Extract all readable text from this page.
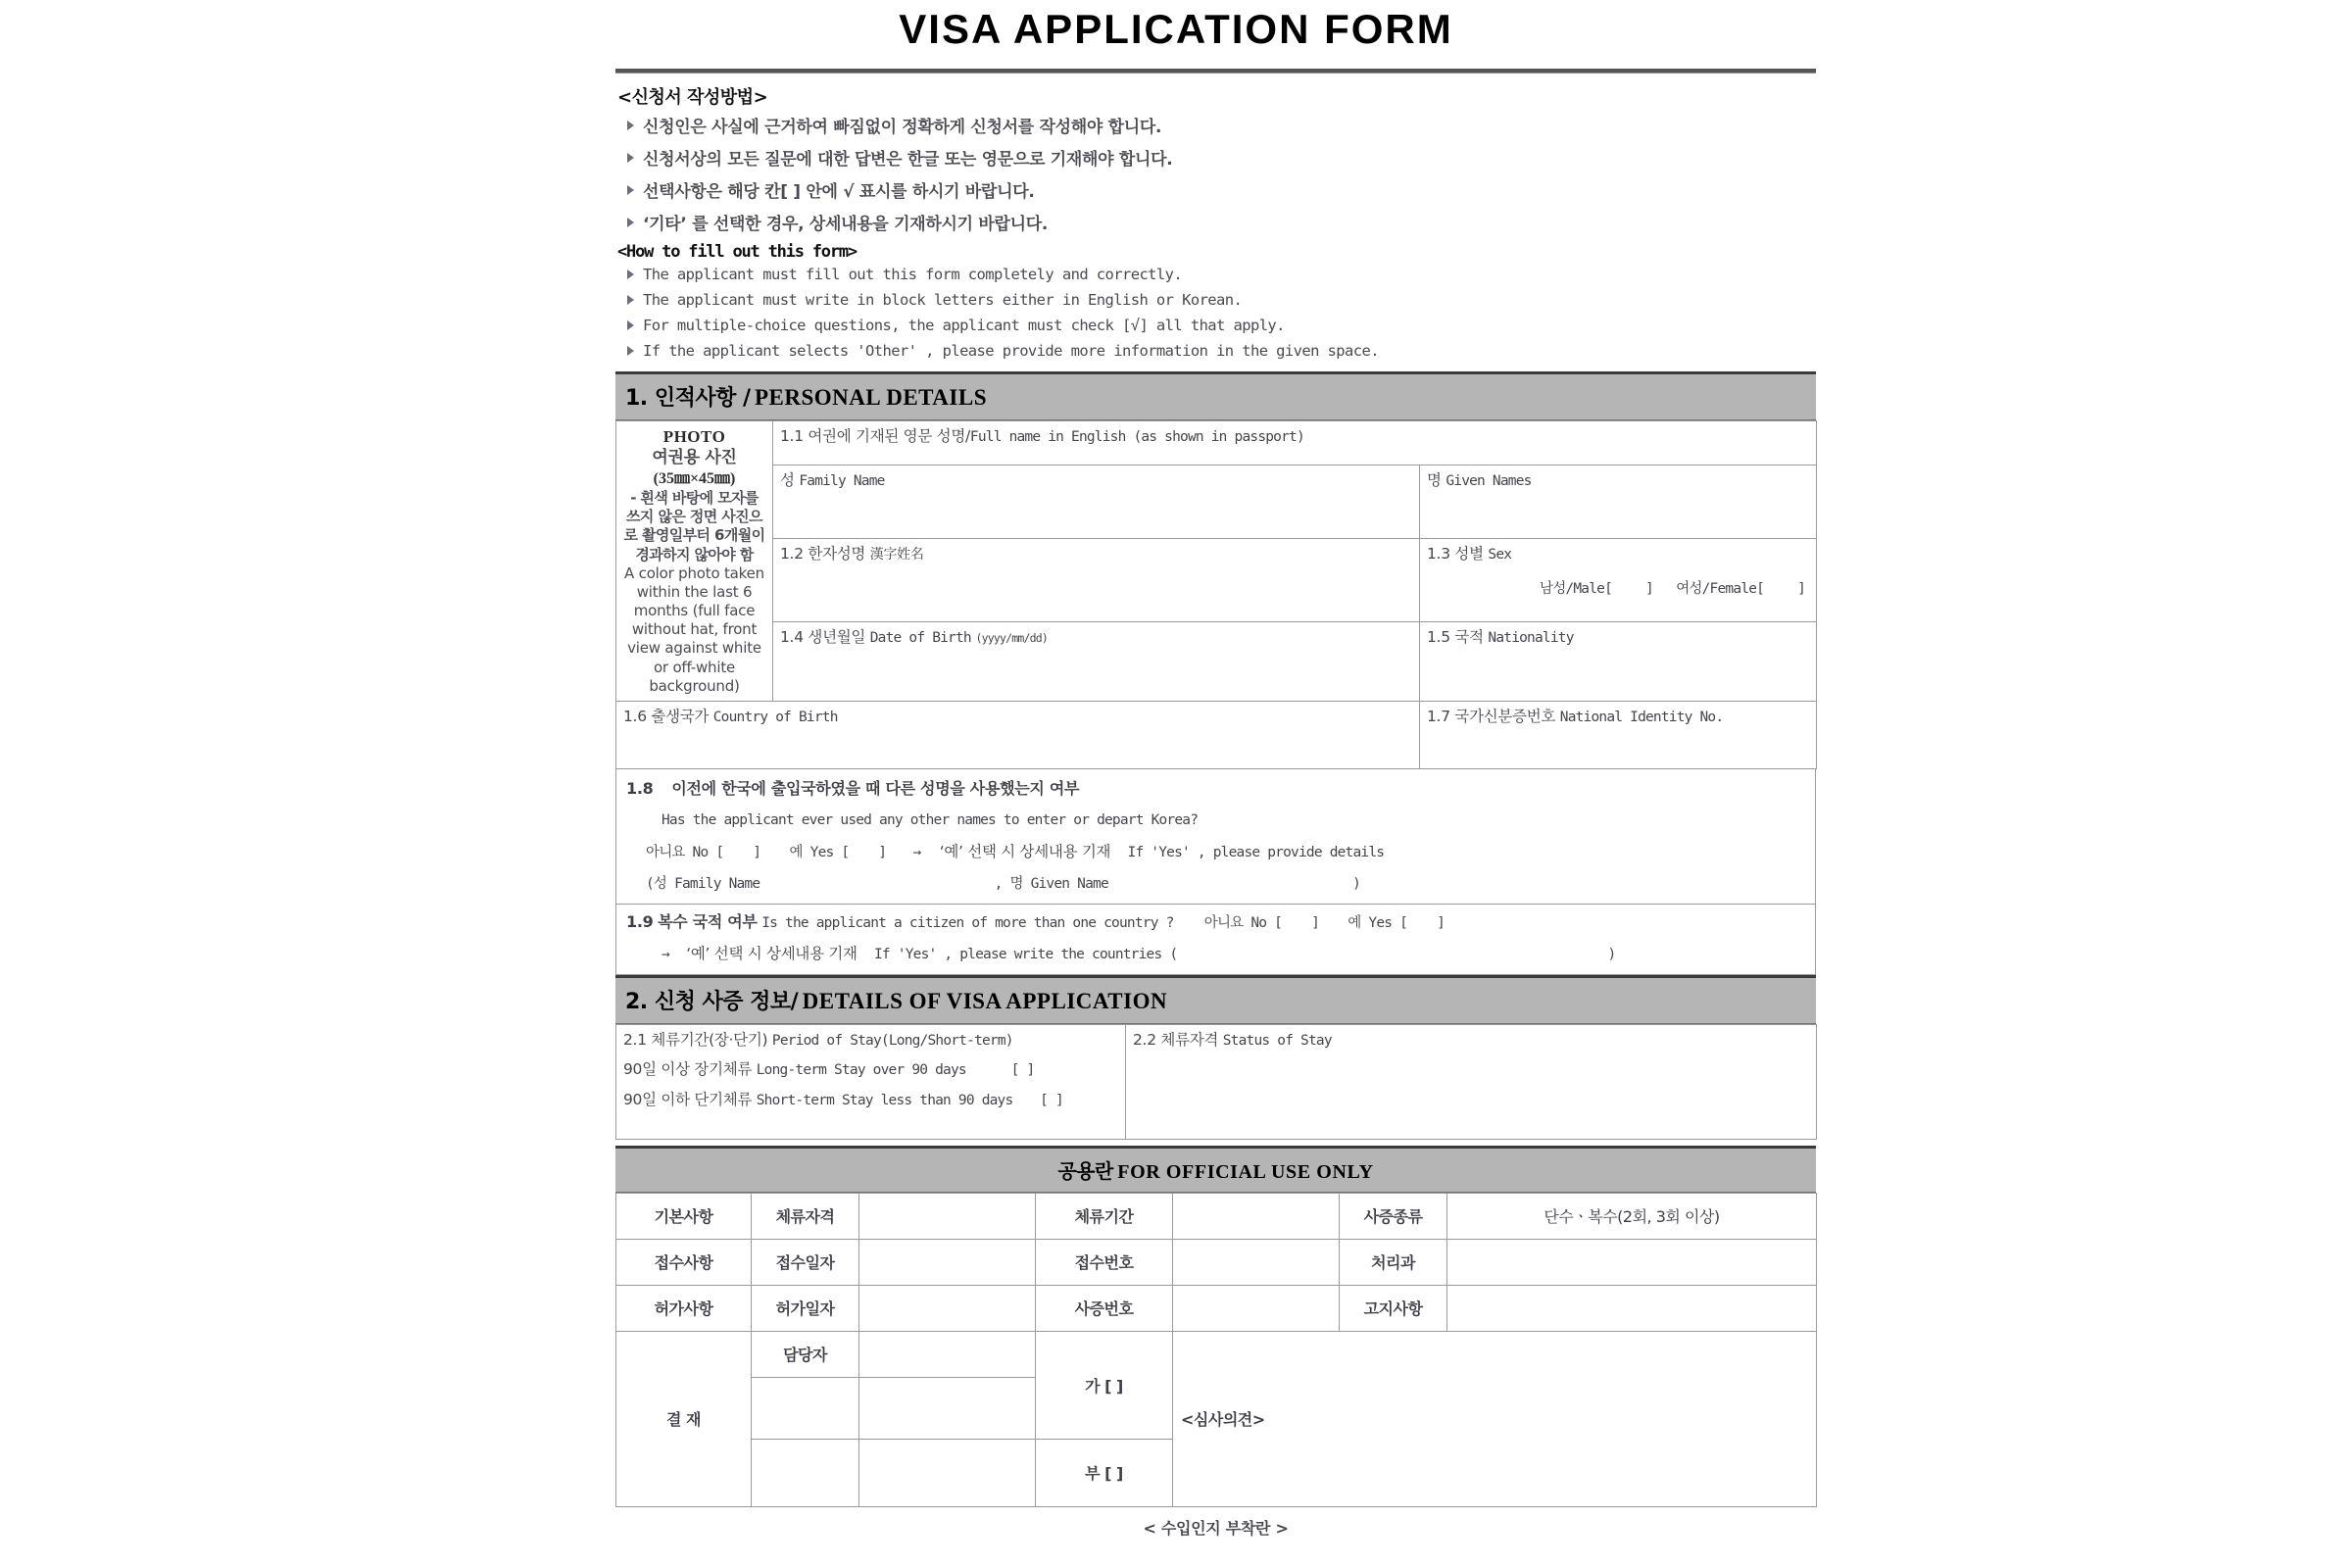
VISA APPLICATION FORM
<신청서 작성방법>
신청인은 사실에 근거하여 빠짐없이 정확하게 신청서를 작성해야 합니다.
신청서상의 모든 질문에 대한 답변은 한글 또는 영문으로 기재해야 합니다.
선택사항은 해당 칸[ ] 안에 √ 표시를 하시기 바랍니다.
‘기타’ 를 선택한 경우, 상세내용을 기재하시기 바랍니다.
<How to fill out this form>
The applicant must fill out this form completely and correctly.
The applicant must write in block letters either in English or Korean.
For multiple-choice questions, the applicant must check [√] all that apply.
If the applicant selects 'Other' , please provide more information in the given space.
1. 인적사항 / PERSONAL DETAILS
PHOTO
여권용 사진
(35㎜×45㎜)
- 흰색 바탕에 모자를 쓰지 않은 정면 사진으로 촬영일부터 6개월이 경과하지 않아야 함
A color photo taken within the last 6 months (full face without hat, front view against white or off-white background)	1.1 여권에 기재된 영문 성명/Full name in English (as shown in passport)	
	성 Family Name	명 Given Names
	1.2 한자성명 漢字姓名	1.3 성별 Sex
남성/Male[ ] 여성/Female[ ]

	1.4 생년월일 Date of Birth (yyyy/mm/dd)	1.5 국적 Nationality
1.6 출생국가 Country of Birth		1.7 국가신분증번호 National Identity No.
1.8 이전에 한국에 출입국하였을 때 다른 성명을 사용했는지 여부
Has the applicant ever used any other names to enter or depart Korea?
아니요 No [ ] 예 Yes [ ] → ‘예’ 선택 시 상세내용 기재 If 'Yes' , please provide details
(성 Family Name	, 명 Given Name	)
1.9 복수 국적 여부 Is the applicant a citizen of more than one country ? 아니요 No [ ] 예 Yes [ ]
→ ‘예’ 선택 시 상세내용 기재 If 'Yes' , please write the countries (	)
2. 신청 사증 정보/ DETAILS OF VISA APPLICATION
2.1 체류기간(장·단기) Period of Stay(Long/Short-term)
90일 이상 장기체류 Long-term Stay over 90 days	[ ]
90일 이하 단기체류 Short-term Stay less than 90 days [ ]
	2.2 체류자격 Status of Stay
공용란 FOR OFFICIAL USE ONLY
기본사항	체류자격		체류기간		사증종류	단수ㆍ복수(2회, 3회 이상)
접수사항	접수일자		접수번호		처리과	
허가사항	허가일자		사증번호		고지사항	
결 재	담당자		가 [ ]	<심사의견>

			부 [ ]	
< 수입인지 부착란 >
